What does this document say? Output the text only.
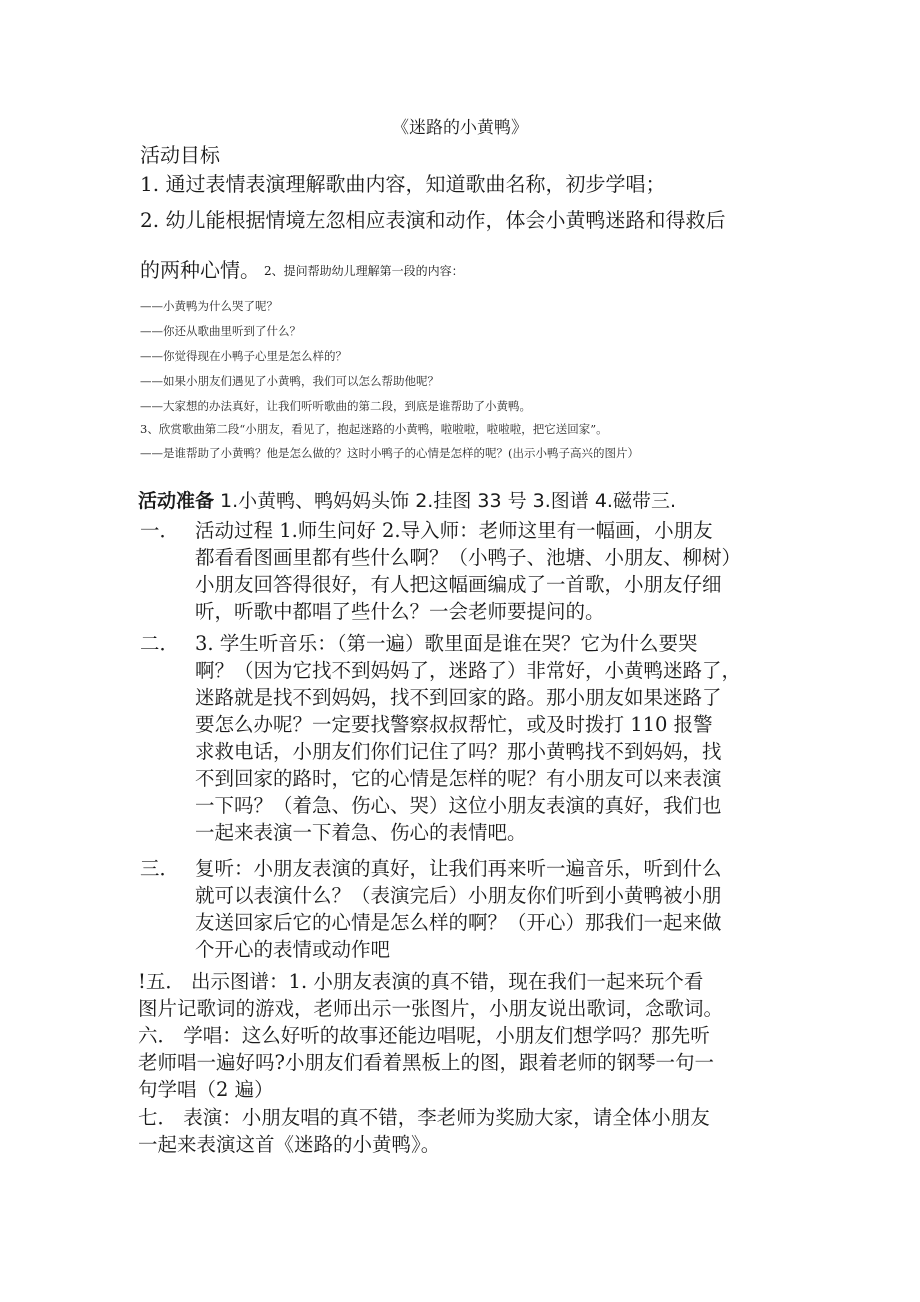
《迷路的小黄鸭》
活动目标
1. 通过表情表演理解歌曲内容，知道歌曲名称，初步学唱；
2. 幼儿能根据情境左忽相应表演和动作，体会小黄鸭迷路和得救后
的两种心情。 2、提问帮助幼儿理解第一段的内容：
——小黄鸭为什么哭了呢？
——你还从歌曲里听到了什么？
——你觉得现在小鸭子心里是怎么样的？
——如果小朋友们遇见了小黄鸭，我们可以怎么帮助他呢？
——大家想的办法真好，让我们听听歌曲的第二段，到底是谁帮助了小黄鸭。
3、欣赏歌曲第二段“小朋友，看见了，抱起迷路的小黄鸭，啦啦啦，啦啦啦，把它送回家”。
——是谁帮助了小黄鸭？他是怎么做的？这时小鸭子的心情是怎样的呢？(出示小鸭子高兴的图片）
活动准备 1.小黄鸭、鸭妈妈头饰 2.挂图 33 号 3.图谱 4.磁带三.
一． 活动过程 1.师生问好 2.导入师：老师这里有一幅画，小朋友
都看看图画里都有些什么啊？（小鸭子、池塘、小朋友、柳树）
小朋友回答得很好，有人把这幅画编成了一首歌，小朋友仔细
听，听歌中都唱了些什么？一会老师要提问的。
二． 3. 学生听音乐：（第一遍）歌里面是谁在哭？它为什么要哭
啊？（因为它找不到妈妈了，迷路了）非常好，小黄鸭迷路了，
迷路就是找不到妈妈，找不到回家的路。那小朋友如果迷路了
要怎么办呢？一定要找警察叔叔帮忙，或及时拨打 110 报警
求救电话，小朋友们你们记住了吗？那小黄鸭找不到妈妈，找
不到回家的路时，它的心情是怎样的呢？有小朋友可以来表演
一下吗？（着急、伤心、哭）这位小朋友表演的真好，我们也
一起来表演一下着急、伤心的表情吧。
三． 复听：小朋友表演的真好，让我们再来听一遍音乐，听到什么
就可以表演什么？（表演完后）小朋友你们听到小黄鸭被小朋
友送回家后它的心情是怎么样的啊？（开心）那我们一起来做
个开心的表情或动作吧
!五． 出示图谱：1. 小朋友表演的真不错，现在我们一起来玩个看
图片记歌词的游戏，老师出示一张图片，小朋友说出歌词，念歌词。
六． 学唱：这么好听的故事还能边唱呢，小朋友们想学吗？那先听
老师唱一遍好吗?小朋友们看着黑板上的图，跟着老师的钢琴一句一
句学唱（2 遍）
七． 表演：小朋友唱的真不错，李老师为奖励大家，请全体小朋友
一起来表演这首《迷路的小黄鸭》。
